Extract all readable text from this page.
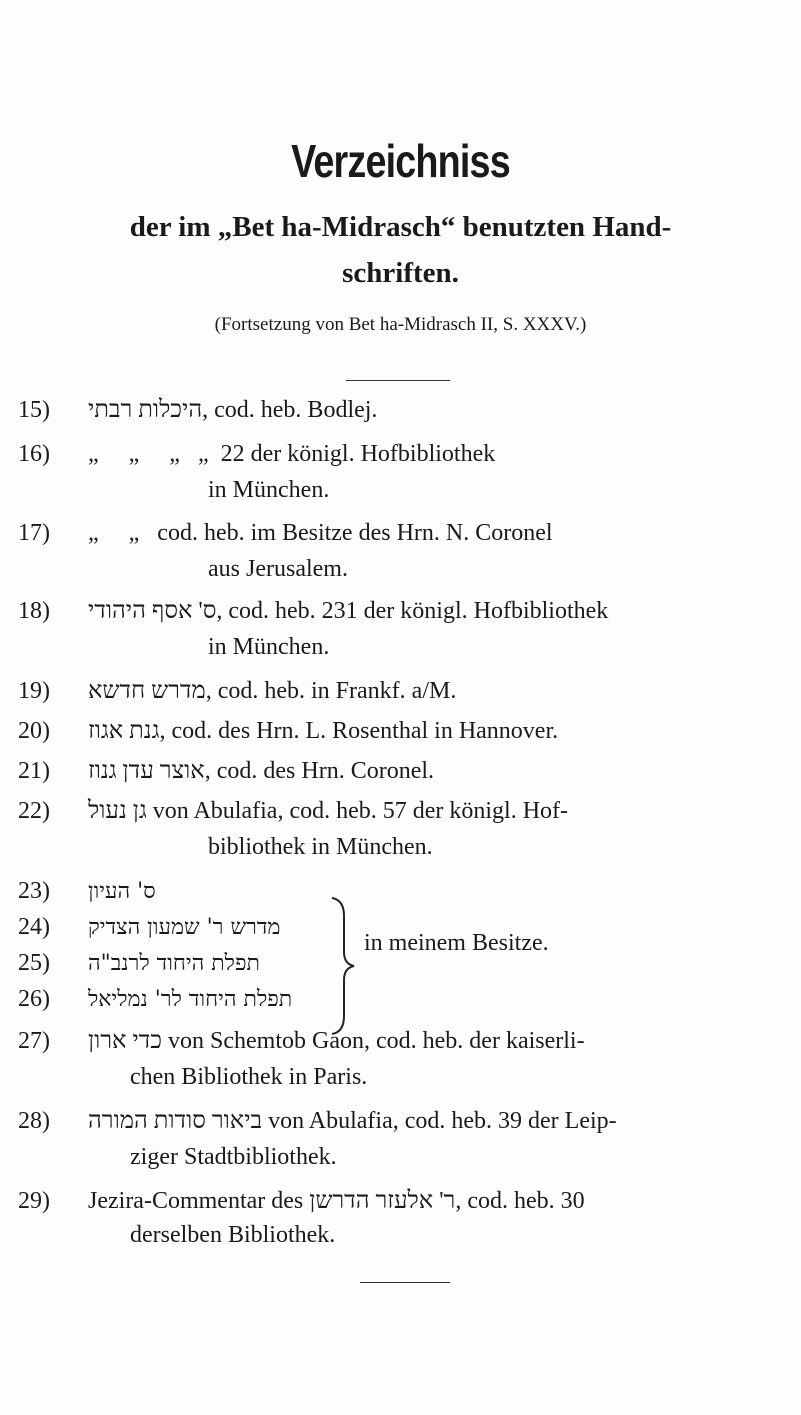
Verzeichniss
der im „Bet ha-Midrasch“ benutzten Hand-
schriften.
(Fortsetzung von Bet ha-Midrasch II, S. XXXV.)
15)	היכלות רבתי, cod. heb. Bodlej.
16)	„     „     „   „  22 der königl. Hofbibliothek
in München.
17)	„     „   cod. heb. im Besitze des Hrn. N. Coronel
aus Jerusalem.
18)	ס' אסף היהודי, cod. heb. 231 der königl. Hofbibliothek
in München.
19)	מדרש חדשא, cod. heb. in Frankf. a/M.
20)	גנת אגוז, cod. des Hrn. L. Rosenthal in Hannover.
21)	אוצר עדן גנוז, cod. des Hrn. Coronel.
22)	גן נעול von Abulafia, cod. heb. 57 der königl. Hof-
bibliothek in München.
23)	ס' העיון
24)	מדרש ר' שמעון הצדיק
25)	תפלת היחוד לרנב"ה
26)	תפלת היחוד לר' נמליאל
in meinem Besitze.
27)	כדי ארון von Schemtob Gaon, cod. heb. der kaiserli-
chen Bibliothek in Paris.
28)	ביאור סודות המורה von Abulafia, cod. heb. 39 der Leip-
ziger Stadtbibliothek.
29)	Jezira-Commentar des ר' אלעזר הדרשן, cod. heb. 30
derselben Bibliothek.
